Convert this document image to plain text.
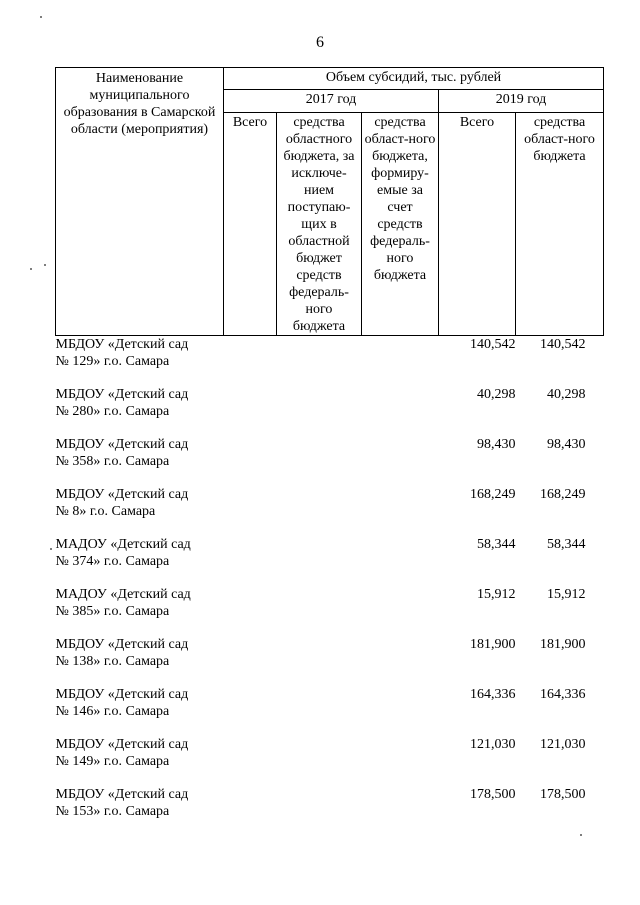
6
Наименование муниципального образования в Самарской области (мероприятия)	Объем субсидий, тыс. рублей				
	2017 год			2019 год	
	Всего	средства областного бюджета, за исключе-нием поступаю-щих в областной бюджет средств федераль-ного бюджета	средства област-ного бюджета, формиру-емые за счет средств федераль-ного бюджета	Всего	средства област-ного бюджета

МБДОУ «Детский сад
№ 129» г.о. Самара				140,542	140,542

МБДОУ «Детский сад
№ 280» г.о. Самара				40,298	40,298

МБДОУ «Детский сад
№ 358» г.о. Самара				98,430	98,430

МБДОУ «Детский сад
№ 8» г.о. Самара				168,249	168,249

МАДОУ «Детский сад
№ 374» г.о. Самара				58,344	58,344

МАДОУ «Детский сад
№ 385» г.о. Самара				15,912	15,912

МБДОУ «Детский сад
№ 138» г.о. Самара				181,900	181,900

МБДОУ «Детский сад
№ 146» г.о. Самара				164,336	164,336

МБДОУ «Детский сад
№ 149» г.о. Самара				121,030	121,030

МБДОУ «Детский сад
№ 153» г.о. Самара				178,500	178,500
